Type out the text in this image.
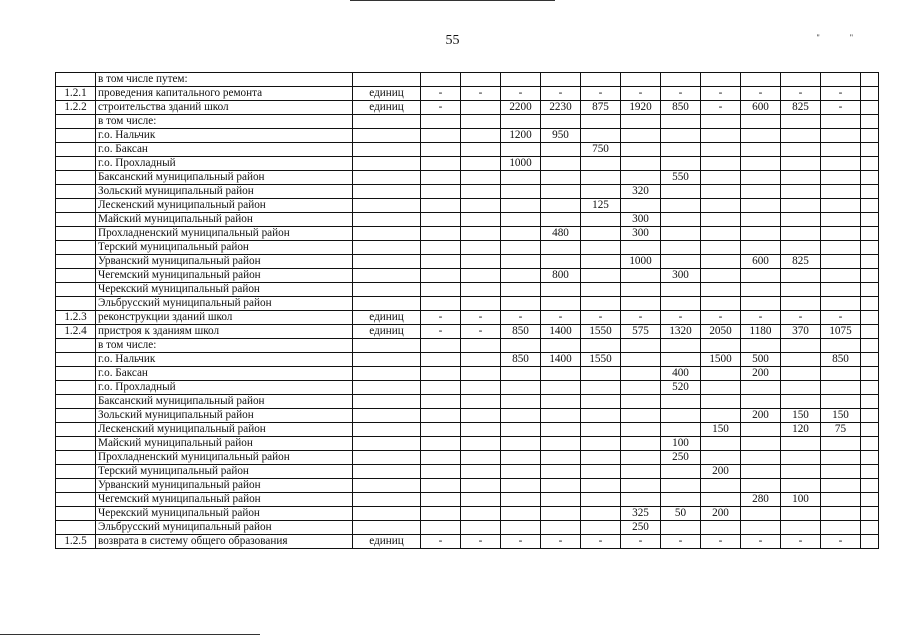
55	""
	в том числе путем:													
1.2.1	проведения капитального ремонта	единиц	-	-	-	-	-	-	-	-	-	-	-	
1.2.2	строительства зданий школ	единиц	-		2200	2230	875	1920	850	-	600	825	-	
	в том числе:													
	г.о. Нальчик				1200	950								
	г.о. Баксан						750							
	г.о. Прохладный				1000									
	Баксанский муниципальный район								550					
	Зольский муниципальный район							320						
	Лескенский муниципальный район						125							
	Майский муниципальный район							300						
	Прохладненский муниципальный район					480		300						
	Терский муниципальный район													
	Урванский муниципальный район							1000			600	825		
	Чегемский муниципальный район					800			300					
	Черекский муниципальный район													
	Эльбрусский муниципальный район													
1.2.3	реконструкции зданий школ	единиц	-	-	-	-	-	-	-	-	-	-	-	
1.2.4	пристроя к зданиям школ	единиц	-	-	850	1400	1550	575	1320	2050	1180	370	1075	
	в том числе:													
	г.о. Нальчик				850	1400	1550			1500	500		850	
	г.о. Баксан								400		200			
	г.о. Прохладный								520					
	Баксанский муниципальный район													
	Зольский муниципальный район										200	150	150	
	Лескенский муниципальный район									150		120	75	
	Майский муниципальный район								100					
	Прохладненский муниципальный район								250					
	Терский муниципальный район									200				
	Урванский муниципальный район													
	Чегемский муниципальный район										280	100		
	Черекский муниципальный район							325	50	200				
	Эльбрусский муниципальный район							250						
1.2.5	возврата в систему общего образования	единиц	-	-	-	-	-	-	-	-	-	-	-	
